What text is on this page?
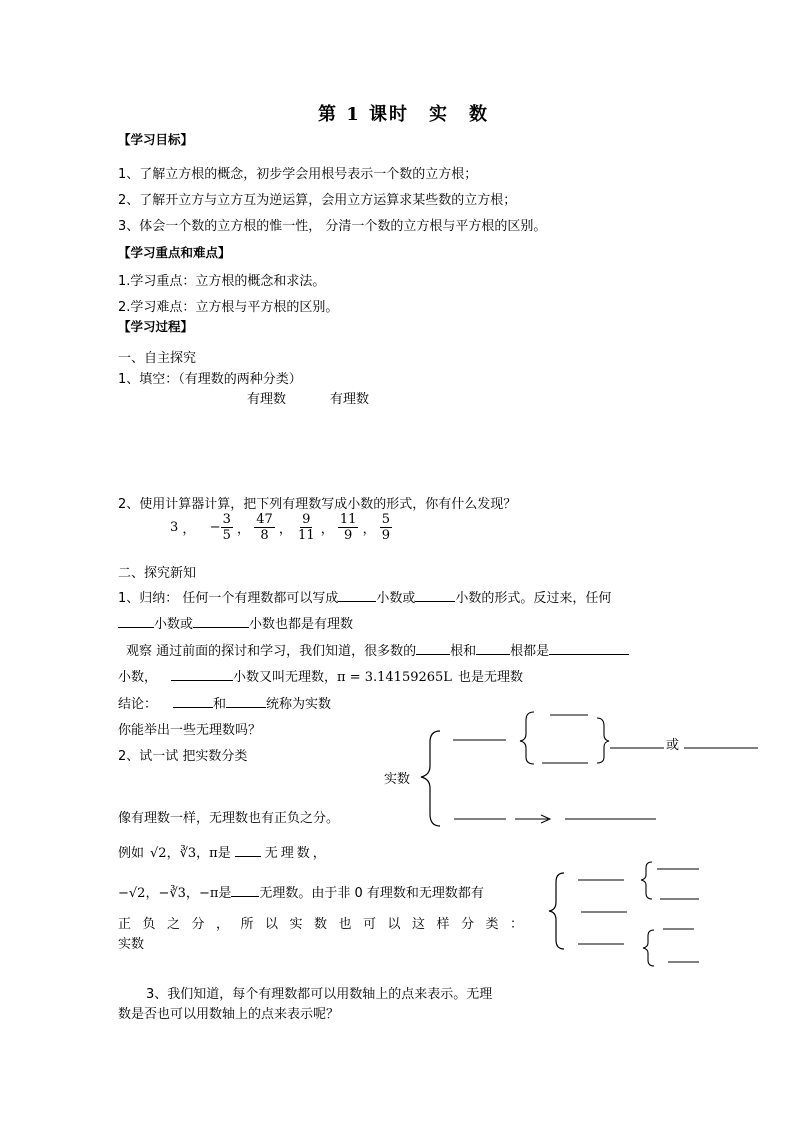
第 1 课时　实　数
【学习目标】
1、了解立方根的概念，初步学会用根号表示一个数的立方根；
2、了解开立方与立方互为逆运算，会用立方运算求某些数的立方根；
3、体会一个数的立方根的惟一性， 分清一个数的立方根与平方根的区别。
【学习重点和难点】
1.学习重点：立方根的概念和求法。
2.学习难点：立方根与平方根的区别。
【学习过程】
一、自主探究
1、填空：（有理数的两种分类）
有理数	有理数
2、使用计算器计算，把下列有理数写成小数的形式，你有什么发现？
3 ， − $\frac{3}{5}$ ， $\frac{47}{8}$ ， $\frac{9}{11}$ ， $\frac{11}{9}$ ， $\frac{5}{9}$
二、探究新知
1、归纳： 任何一个有理数都可以写成	小数或	小数的形式。反过来，任何
小数或	小数也都是有理数
观察 通过前面的探讨和学习，我们知道，很多数的	根和	根都是
小数，	小数又叫无理数，π = 3.14159265L 也是无理数
结论：	和	统称为实数
你能举出一些无理数吗？
2、试一试 把实数分类
实数
或
像有理数一样，无理数也有正负之分。
例如 √2，∛3，π是	无理数，
−√2，−∛3，−π是 无理数。由于非 0 有理数和无理数都有
正负之分，所以实数也可以这样分类：
实数
3、我们知道，每个有理数都可以用数轴上的点来表示。无理
数是否也可以用数轴上的点来表示呢？
